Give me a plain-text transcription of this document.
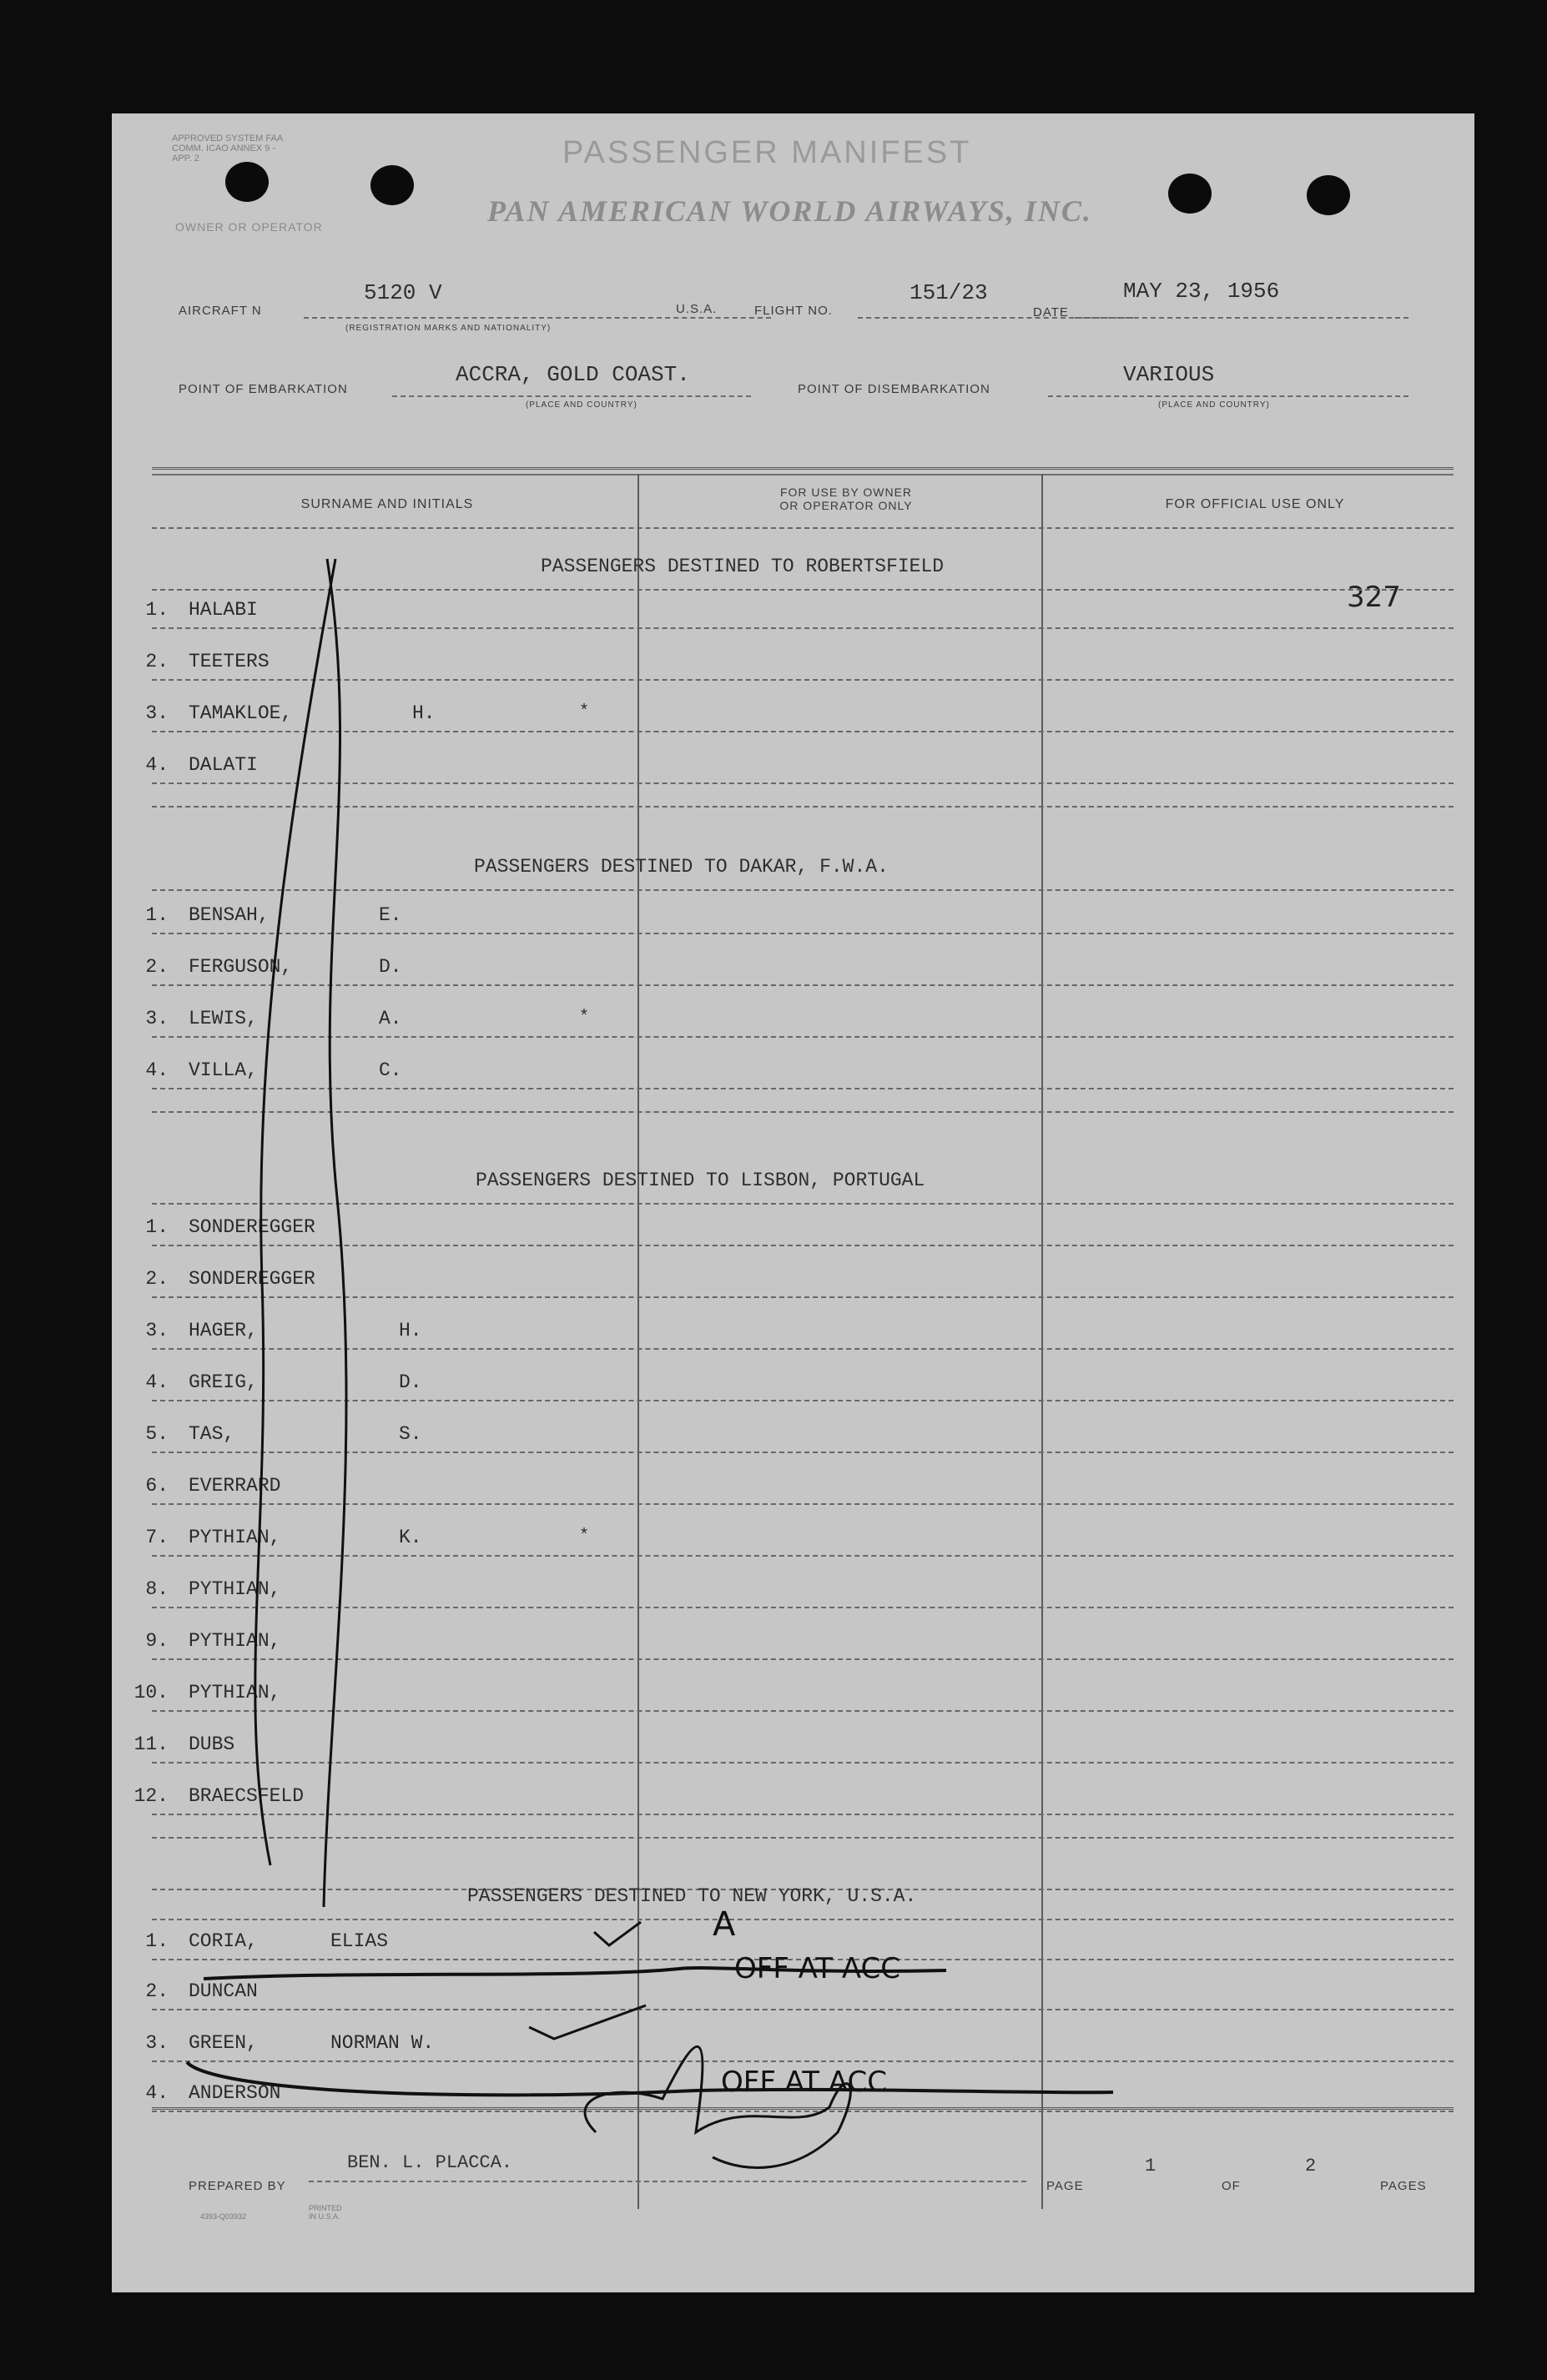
APPROVED SYSTEM FAA COMM. ICAO ANNEX 9 - APP. 2
OWNER OR OPERATOR
PASSENGER MANIFEST
PAN AMERICAN WORLD AIRWAYS, INC.
AIRCRAFT N
5120 V
(REGISTRATION MARKS AND NATIONALITY)
U.S.A.	FLIGHT NO.
151/23
DATE
MAY 23, 1956
POINT OF EMBARKATION
ACCRA, GOLD COAST.
(PLACE AND COUNTRY)
POINT OF DISEMBARKATION
VARIOUS
(PLACE AND COUNTRY)
SURNAME AND INITIALS
FOR USE BY OWNER
OR OPERATOR ONLY	FOR OFFICIAL USE ONLY
327
PASSENGERS DESTINED TO ROBERTSFIELD
1. HALABI
2. TEETERS
3. TAMAKLOE,	H.	*
4. DALATI
PASSENGERS DESTINED TO DAKAR, F.W.A.
1. BENSAH,	E.
2. FERGUSON,	D.
3. LEWIS,	A.	*
4. VILLA,	C.
PASSENGERS DESTINED TO LISBON, PORTUGAL
1. SONDEREGGER
2. SONDEREGGER
3. HAGER,	H.
4. GREIG,	D.
5. TAS,	S.
6. EVERRARD
7. PYTHIAN,	K.	*
8. PYTHIAN,
9. PYTHIAN,
10. PYTHIAN,
11. DUBS
12. BRAECSFELD
PASSENGERS DESTINED TO NEW YORK, U.S.A.
1. CORIA,	ELIAS
2. DUNCAN
3. GREEN,	NORMAN W.
4. ANDERSON
A
OFF AT ACC
OFF AT ACC
PREPARED BY
BEN. L. PLACCA.
PAGE
1
OF
2
PAGES
4393-Q03932
PRINTED IN U.S.A.
